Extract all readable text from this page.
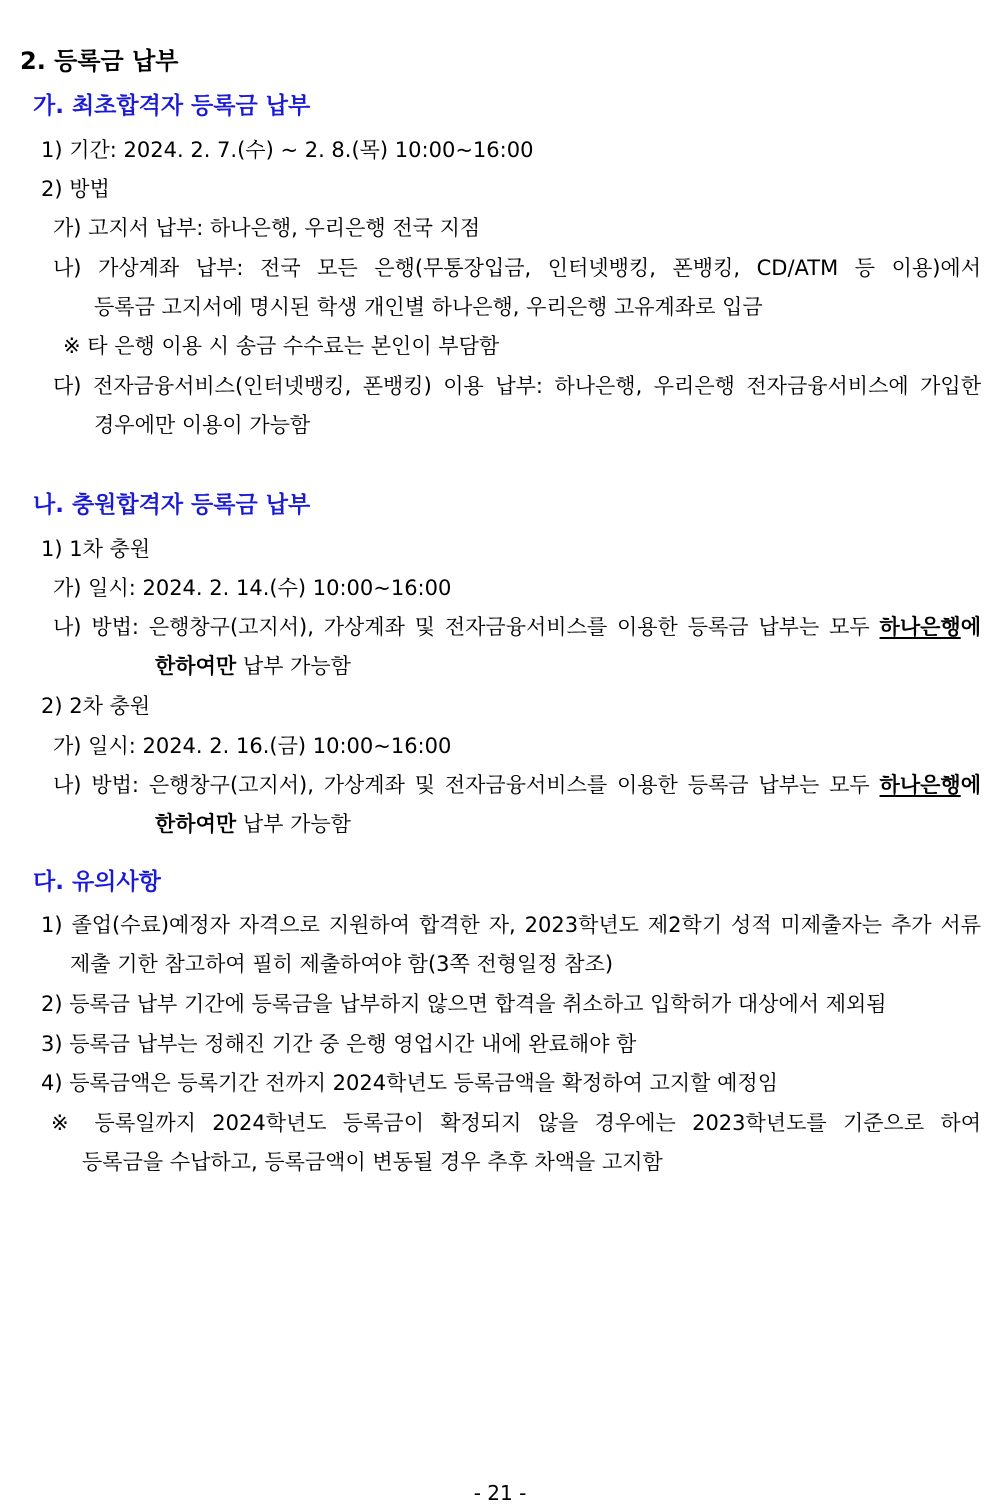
2. 등록금 납부
가. 최초합격자 등록금 납부
1) 기간: 2024. 2. 7.(수) ~ 2. 8.(목) 10:00~16:00
2) 방법
가) 고지서 납부: 하나은행, 우리은행 전국 지점
나) 가상계좌 납부: 전국 모든 은행(무통장입금, 인터넷뱅킹, 폰뱅킹, CD/ATM 등 이용)에서
등록금 고지서에 명시된 학생 개인별 하나은행, 우리은행 고유계좌로 입금
※ 타 은행 이용 시 송금 수수료는 본인이 부담함
다) 전자금융서비스(인터넷뱅킹, 폰뱅킹) 이용 납부: 하나은행, 우리은행 전자금융서비스에 가입한
경우에만 이용이 가능함
나. 충원합격자 등록금 납부
1) 1차 충원
가) 일시: 2024. 2. 14.(수) 10:00~16:00
나) 방법: 은행창구(고지서), 가상계좌 및 전자금융서비스를 이용한 등록금 납부는 모두 하나은행에
한하여만 납부 가능함
2) 2차 충원
가) 일시: 2024. 2. 16.(금) 10:00~16:00
나) 방법: 은행창구(고지서), 가상계좌 및 전자금융서비스를 이용한 등록금 납부는 모두 하나은행에
한하여만 납부 가능함
다. 유의사항
1) 졸업(수료)예정자 자격으로 지원하여 합격한 자, 2023학년도 제2학기 성적 미제출자는 추가 서류
제출 기한 참고하여 필히 제출하여야 함(3쪽 전형일정 참조)
2) 등록금 납부 기간에 등록금을 납부하지 않으면 합격을 취소하고 입학허가 대상에서 제외됨
3) 등록금 납부는 정해진 기간 중 은행 영업시간 내에 완료해야 함
4) 등록금액은 등록기간 전까지 2024학년도 등록금액을 확정하여 고지할 예정임
※ 등록일까지 2024학년도 등록금이 확정되지 않을 경우에는 2023학년도를 기준으로 하여
등록금을 수납하고, 등록금액이 변동될 경우 추후 차액을 고지함
- 21 -
